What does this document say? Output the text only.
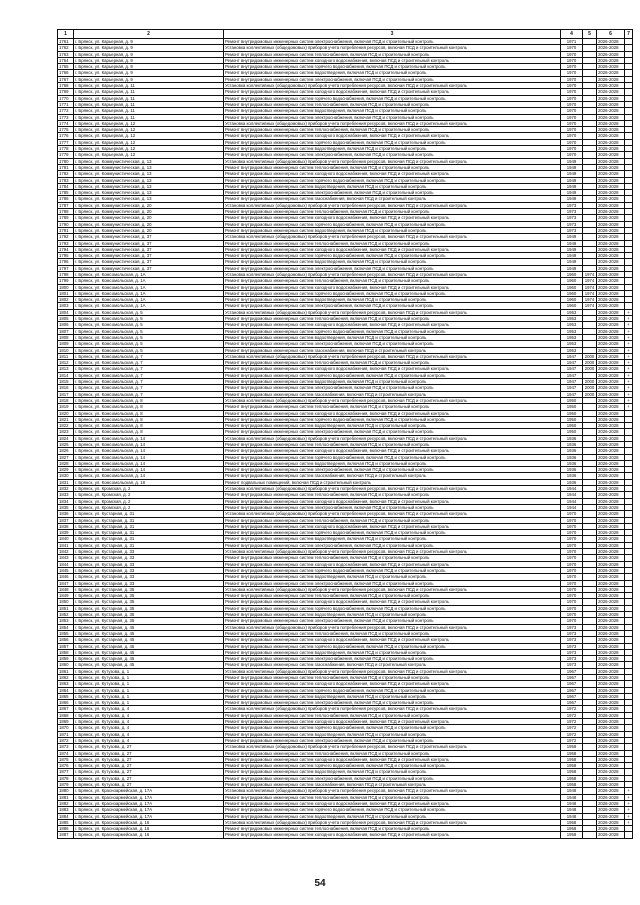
1	2	3	4	5	6	7
1761	г. Брянск, ул. Карьерная, д. 9	Ремонт внутридомовых инженерных систем электроснабжения, включая ПСД и строительный контроль	1971		2026-2028	
1762	г. Брянск, ул. Карьерная, д. 9	Установка коллективных (общедомовых) приборов учета потребления ресурсов, включая ПСД и строительный контроль	1970		2026-2028	
1763	г. Брянск, ул. Карьерная, д. 9	Ремонт внутридомовых инженерных систем теплоснабжения, включая ПСД и строительный контроль	1970		2026-2028	
1764	г. Брянск, ул. Карьерная, д. 9	Ремонт внутридомовых инженерных систем холодного водоснабжения, включая ПСД и строительный контроль	1970		2026-2028	
1765	г. Брянск, ул. Карьерная, д. 9	Ремонт внутридомовых инженерных систем горячего водоснабжения, включая ПСД и строительный контроль	1970		2026-2028	
1766	г. Брянск, ул. Карьерная, д. 9	Ремонт внутридомовых инженерных систем водоотведения, включая ПСД и строительный контроль	1970		2026-2028	
1767	г. Брянск, ул. Карьерная, д. 9	Ремонт внутридомовых инженерных систем электроснабжения, включая ПСД и строительный контроль	1970		2026-2028	
1768	г. Брянск, ул. Карьерная, д. 11	Установка коллективных (общедомовых) приборов учета потребления ресурсов, включая ПСД и строительный контроль	1970		2026-2028	
1769	г. Брянск, ул. Карьерная, д. 11	Ремонт внутридомовых инженерных систем холодного водоснабжения, включая ПСД и строительный контроль	1970		2026-2028	
1770	г. Брянск, ул. Карьерная, д. 11	Ремонт внутридомовых инженерных систем горячего водоснабжения, включая ПСД и строительный контроль	1970		2026-2028	
1771	г. Брянск, ул. Карьерная, д. 11	Ремонт внутридомовых инженерных систем теплоснабжения, включая ПСД и строительный контроль	1970		2026-2028	
1772	г. Брянск, ул. Карьерная, д. 11	Ремонт внутридомовых инженерных систем водоотведения, включая ПСД и строительный контроль	1970		2026-2028	
1773	г. Брянск, ул. Карьерная, д. 11	Ремонт внутридомовых инженерных систем электроснабжения, включая ПСД и строительный контроль	1970		2026-2028	
1774	г. Брянск, ул. Карьерная, д. 12	Установка коллективных (общедомовых) приборов учета потребления ресурсов, включая ПСД и строительный контроль	1970		2026-2028	
1775	г. Брянск, ул. Карьерная, д. 12	Ремонт внутридомовых инженерных систем теплоснабжения, включая ПСД и строительный контроль	1970		2026-2028	
1776	г. Брянск, ул. Карьерная, д. 12	Ремонт внутридомовых инженерных систем холодного водоснабжения, включая ПСД и строительный контроль	1970		2026-2028	
1777	г. Брянск, ул. Карьерная, д. 12	Ремонт внутридомовых инженерных систем горячего водоснабжения, включая ПСД и строительный контроль	1970		2026-2028	
1778	г. Брянск, ул. Карьерная, д. 12	Ремонт внутридомовых инженерных систем водоотведения, включая ПСД и строительный контроль	1970		2026-2028	
1779	г. Брянск, ул. Карьерная, д. 12	Ремонт внутридомовых инженерных систем электроснабжения, включая ПСД и строительный контроль	1970		2026-2028	
1780	г. Брянск, ул. Коммунистическая, д. 13	Установка коллективных (общедомовых) приборов учета потребления ресурсов, включая ПСД и строительный контроль	1949		2026-2028	
1781	г. Брянск, ул. Коммунистическая, д. 13	Ремонт внутридомовых инженерных систем теплоснабжения, включая ПСД и строительный контроль	1949		2026-2028	
1782	г. Брянск, ул. Коммунистическая, д. 13	Ремонт внутридомовых инженерных систем холодного водоснабжения, включая ПСД и строительный контроль	1949		2026-2028	
1783	г. Брянск, ул. Коммунистическая, д. 13	Ремонт внутридомовых инженерных систем горячего водоснабжения, включая ПСД и строительный контроль	1949		2026-2028	
1784	г. Брянск, ул. Коммунистическая, д. 13	Ремонт внутридомовых инженерных систем водоотведения, включая ПСД и строительный контроль	1949		2026-2028	
1785	г. Брянск, ул. Коммунистическая, д. 13	Ремонт внутридомовых инженерных систем электроснабжения, включая ПСД и строительный контроль	1949		2026-2028	
1786	г. Брянск, ул. Коммунистическая, д. 13	Ремонт внутридомовых инженерных систем газоснабжения, включая ПСД и строительный контроль	1949		2026-2028	
1787	г. Брянск, ул. Коммунистическая, д. 20	Установка коллективных (общедомовых) приборов учета потребления ресурсов, включая ПСД и строительный контроль	1973		2026-2028	
1788	г. Брянск, ул. Коммунистическая, д. 20	Ремонт внутридомовых инженерных систем теплоснабжения, включая ПСД и строительный контроль	1973		2026-2028	
1789	г. Брянск, ул. Коммунистическая, д. 20	Ремонт внутридомовых инженерных систем холодного водоснабжения, включая ПСД и строительный контроль	1973		2026-2028	
1790	г. Брянск, ул. Коммунистическая, д. 20	Ремонт внутридомовых инженерных систем горячего водоснабжения, включая ПСД и строительный контроль	1973		2026-2028	
1791	г. Брянск, ул. Коммунистическая, д. 20	Ремонт внутридомовых инженерных систем водоотведения, включая ПСД и строительный контроль	1973		2026-2028	
1792	г. Брянск, ул. Коммунистическая, д. 37	Установка коллективных (общедомовых) приборов учета потребления ресурсов, включая ПСД и строительный контроль	1949		2026-2028	
1793	г. Брянск, ул. Коммунистическая, д. 37	Ремонт внутридомовых инженерных систем теплоснабжения, включая ПСД и строительный контроль	1949		2026-2028	
1794	г. Брянск, ул. Коммунистическая, д. 37	Ремонт внутридомовых инженерных систем холодного водоснабжения, включая ПСД и строительный контроль	1949		2026-2028	
1795	г. Брянск, ул. Коммунистическая, д. 37	Ремонт внутридомовых инженерных систем горячего водоснабжения, включая ПСД и строительный контроль	1949		2026-2028	
1796	г. Брянск, ул. Коммунистическая, д. 37	Ремонт внутридомовых инженерных систем водоотведения, включая ПСД и строительный контроль	1949		2026-2028	
1797	г. Брянск, ул. Коммунистическая, д. 37	Ремонт внутридомовых инженерных систем электроснабжения, включая ПСД и строительный контроль	1949		2026-2028	
1798	г. Брянск, ул. Комсомольская, д. 1А	Установка коллективных (общедомовых) приборов учета потребления ресурсов, включая ПСД и строительный контроль	1960	1974	2026-2028	
1799	г. Брянск, ул. Комсомольская, д. 1А	Ремонт внутридомовых инженерных систем теплоснабжения, включая ПСД и строительный контроль	1960	1974	2026-2028	
1800	г. Брянск, ул. Комсомольская, д. 1А	Ремонт внутридомовых инженерных систем холодного водоснабжения, включая ПСД и строительный контроль	1960	1974	2026-2028	
1801	г. Брянск, ул. Комсомольская, д. 1А	Ремонт внутридомовых инженерных систем горячего водоснабжения, включая ПСД и строительный контроль	1960	1974	2026-2028	
1802	г. Брянск, ул. Комсомольская, д. 1А	Ремонт внутридомовых инженерных систем водоотведения, включая ПСД и строительный контроль	1960	1974	2026-2028	
1803	г. Брянск, ул. Комсомольская, д. 1А	Ремонт внутридомовых инженерных систем электроснабжения, включая ПСД и строительный контроль	1960	1974	2026-2028	
1804	г. Брянск, ул. Комсомольская, д. 5	Установка коллективных (общедомовых) приборов учета потребления ресурсов, включая ПСД и строительный контроль	1953		2026-2028	+
1805	г. Брянск, ул. Комсомольская, д. 5	Ремонт внутридомовых инженерных систем теплоснабжения, включая ПСД и строительный контроль	1953		2026-2028	+
1806	г. Брянск, ул. Комсомольская, д. 5	Ремонт внутридомовых инженерных систем холодного водоснабжения, включая ПСД и строительный контроль	1953		2026-2028	+
1807	г. Брянск, ул. Комсомольская, д. 5	Ремонт внутридомовых инженерных систем горячего водоснабжения, включая ПСД и строительный контроль	1953		2026-2028	+
1808	г. Брянск, ул. Комсомольская, д. 5	Ремонт внутридомовых инженерных систем водоотведения, включая ПСД и строительный контроль	1953		2026-2028	+
1809	г. Брянск, ул. Комсомольская, д. 5	Ремонт внутридомовых инженерных систем электроснабжения, включая ПСД и строительный контроль	1953		2026-2028	+
1810	г. Брянск, ул. Комсомольская, д. 5	Ремонт внутридомовых инженерных систем газоснабжения, включая ПСД и строительный контроль	1953		2026-2028	+
1811	г. Брянск, ул. Комсомольская, д. 7	Установка коллективных (общедомовых) приборов учета потребления ресурсов, включая ПСД и строительный контроль	1947	2000	2026-2028	+
1812	г. Брянск, ул. Комсомольская, д. 7	Ремонт внутридомовых инженерных систем теплоснабжения, включая ПСД и строительный контроль	1947	2000	2026-2028	+
1813	г. Брянск, ул. Комсомольская, д. 7	Ремонт внутридомовых инженерных систем холодного водоснабжения, включая ПСД и строительный контроль	1947	2000	2026-2028	+
1814	г. Брянск, ул. Комсомольская, д. 7	Ремонт внутридомовых инженерных систем горячего водоснабжения, включая ПСД и строительный контроль	1947		2026-2028	+
1815	г. Брянск, ул. Комсомольская, д. 7	Ремонт внутридомовых инженерных систем водоотведения, включая ПСД и строительный контроль	1947	2000	2026-2028	+
1816	г. Брянск, ул. Комсомольская, д. 7	Ремонт внутридомовых инженерных систем электроснабжения, включая ПСД и строительный контроль	1947	2000	2026-2028	+
1817	г. Брянск, ул. Комсомольская, д. 7	Ремонт внутридомовых инженерных систем газоснабжения, включая ПСД и строительный контроль	1947	2000	2026-2028	+
1818	г. Брянск, ул. Комсомольская, д. 8	Установка коллективных (общедомовых) приборов учета потребления ресурсов, включая ПСД и строительный контроль	1950		2026-2028	+
1819	г. Брянск, ул. Комсомольская, д. 8	Ремонт внутридомовых инженерных систем теплоснабжения, включая ПСД и строительный контроль	1950		2026-2028	+
1820	г. Брянск, ул. Комсомольская, д. 8	Ремонт внутридомовых инженерных систем холодного водоснабжения, включая ПСД и строительный контроль	1950		2026-2028	
1821	г. Брянск, ул. Комсомольская, д. 8	Ремонт внутридомовых инженерных систем горячего водоснабжения, включая ПСД и строительный контроль	1950		2026-2028	
1822	г. Брянск, ул. Комсомольская, д. 8	Ремонт внутридомовых инженерных систем водоотведения, включая ПСД и строительный контроль	1950		2026-2028	
1823	г. Брянск, ул. Комсомольская, д. 8	Ремонт внутридомовых инженерных систем электроснабжения, включая ПСД и строительный контроль	1950		2026-2028	
1824	г. Брянск, ул. Комсомольская, д. 14	Установка коллективных (общедомовых) приборов учета потребления ресурсов, включая ПСД и строительный контроль	1936		2026-2028	
1825	г. Брянск, ул. Комсомольская, д. 14	Ремонт внутридомовых инженерных систем теплоснабжения, включая ПСД и строительный контроль	1936		2026-2028	
1826	г. Брянск, ул. Комсомольская, д. 14	Ремонт внутридомовых инженерных систем холодного водоснабжения, включая ПСД и строительный контроль	1936		2026-2028	
1827	г. Брянск, ул. Комсомольская, д. 14	Ремонт внутридомовых инженерных систем горячего водоснабжения, включая ПСД и строительный контроль	1936		2026-2028	
1828	г. Брянск, ул. Комсомольская, д. 14	Ремонт внутридомовых инженерных систем водоотведения, включая ПСД и строительный контроль	1936		2026-2028	
1829	г. Брянск, ул. Комсомольская, д. 14	Ремонт внутридомовых инженерных систем электроснабжения, включая ПСД и строительный контроль	1936		2026-2028	
1830	г. Брянск, ул. Комсомольская, д. 14	Ремонт внутридомовых инженерных систем газоснабжения, включая ПСД и строительный контроль	1936		2026-2028	
1831	г. Брянск, ул. Комсомольская, д. 18	Ремонт подвальных помещений, включая ПСД и строительный контроль	1936		2026-2028	
1832	г. Брянск, ул. Кромская, д. 2	Установка коллективных (общедомовых) приборов учета потребления ресурсов, включая ПСД и строительный контроль	1944		2026-2028	
1833	г. Брянск, ул. Кромская, д. 2	Ремонт внутридомовых инженерных систем теплоснабжения, включая ПСД и строительный контроль	1944		2026-2028	
1834	г. Брянск, ул. Кромская, д. 2	Ремонт внутридомовых инженерных систем холодного водоснабжения, включая ПСД и строительный контроль	1944		2026-2028	
1835	г. Брянск, ул. Кромская, д. 2	Ремонт внутридомовых инженерных систем электроснабжения, включая ПСД и строительный контроль	1944		2026-2028	
1836	г. Брянск, ул. Кустарная, д. 31	Установка коллективных (общедомовых) приборов учета потребления ресурсов, включая ПСД и строительный контроль	1970		2026-2028	
1837	г. Брянск, ул. Кустарная, д. 31	Ремонт внутридомовых инженерных систем теплоснабжения, включая ПСД и строительный контроль	1970		2026-2028	
1838	г. Брянск, ул. Кустарная, д. 31	Ремонт внутридомовых инженерных систем холодного водоснабжения, включая ПСД и строительный контроль	1970		2026-2028	
1839	г. Брянск, ул. Кустарная, д. 31	Ремонт внутридомовых инженерных систем горячего водоснабжения, включая ПСД и строительный контроль	1970		2026-2028	
1840	г. Брянск, ул. Кустарная, д. 31	Ремонт внутридомовых инженерных систем водоотведения, включая ПСД и строительный контроль	1970		2026-2028	
1841	г. Брянск, ул. Кустарная, д. 31	Ремонт внутридомовых инженерных систем электроснабжения, включая ПСД и строительный контроль	1970		2026-2028	
1842	г. Брянск, ул. Кустарная, д. 33	Установка коллективных (общедомовых) приборов учета потребления ресурсов, включая ПСД и строительный контроль	1970		2026-2028	
1843	г. Брянск, ул. Кустарная, д. 33	Ремонт внутридомовых инженерных систем теплоснабжения, включая ПСД и строительный контроль	1970		2026-2028	
1844	г. Брянск, ул. Кустарная, д. 33	Ремонт внутридомовых инженерных систем холодного водоснабжения, включая ПСД и строительный контроль	1970		2026-2028	
1845	г. Брянск, ул. Кустарная, д. 33	Ремонт внутридомовых инженерных систем горячего водоснабжения, включая ПСД и строительный контроль	1970		2026-2028	
1846	г. Брянск, ул. Кустарная, д. 33	Ремонт внутридомовых инженерных систем водоотведения, включая ПСД и строительный контроль	1970		2026-2028	
1847	г. Брянск, ул. Кустарная, д. 33	Ремонт внутридомовых инженерных систем электроснабжения, включая ПСД и строительный контроль	1970		2026-2028	
1848	г. Брянск, ул. Кустарная, д. 35	Установка коллективных (общедомовых) приборов учета потребления ресурсов, включая ПСД и строительный контроль	1970		2026-2028	
1849	г. Брянск, ул. Кустарная, д. 35	Ремонт внутридомовых инженерных систем теплоснабжения, включая ПСД и строительный контроль	1970		2026-2028	
1850	г. Брянск, ул. Кустарная, д. 35	Ремонт внутридомовых инженерных систем холодного водоснабжения, включая ПСД и строительный контроль	1970		2026-2028	
1851	г. Брянск, ул. Кустарная, д. 35	Ремонт внутридомовых инженерных систем горячего водоснабжения, включая ПСД и строительный контроль	1970		2026-2028	
1852	г. Брянск, ул. Кустарная, д. 35	Ремонт внутридомовых инженерных систем водоотведения, включая ПСД и строительный контроль	1970		2026-2028	
1853	г. Брянск, ул. Кустарная, д. 35	Ремонт внутридомовых инженерных систем электроснабжения, включая ПСД и строительный контроль	1970		2026-2028	
1854	г. Брянск, ул. Кустарная, д. 45	Установка коллективных (общедомовых) приборов учета потребления ресурсов, включая ПСД и строительный контроль	1973		2026-2028	
1855	г. Брянск, ул. Кустарная, д. 45	Ремонт внутридомовых инженерных систем теплоснабжения, включая ПСД и строительный контроль	1973		2026-2028	
1856	г. Брянск, ул. Кустарная, д. 45	Ремонт внутридомовых инженерных систем холодного водоснабжения, включая ПСД и строительный контроль	1973		2026-2028	
1857	г. Брянск, ул. Кустарная, д. 45	Ремонт внутридомовых инженерных систем горячего водоснабжения, включая ПСД и строительный контроль	1973		2026-2028	
1858	г. Брянск, ул. Кустарная, д. 45	Ремонт внутридомовых инженерных систем водоотведения, включая ПСД и строительный контроль	1973		2026-2028	
1859	г. Брянск, ул. Кустарная, д. 45	Ремонт внутридомовых инженерных систем электроснабжения, включая ПСД и строительный контроль	1973		2026-2028	
1860	г. Брянск, ул. Кустарная, д. 45	Ремонт внутридомовых инженерных систем газоснабжения, включая ПСД и строительный контроль	1973		2026-2028	
1861	г. Брянск, ул. Кутузова, д. 1	Установка коллективных (общедомовых) приборов учета потребления ресурсов, включая ПСД и строительный контроль	1967		2026-2028	
1862	г. Брянск, ул. Кутузова, д. 1	Ремонт внутридомовых инженерных систем теплоснабжения, включая ПСД и строительный контроль	1967		2026-2028	
1863	г. Брянск, ул. Кутузова, д. 1	Ремонт внутридомовых инженерных систем холодного водоснабжения, включая ПСД и строительный контроль	1967		2026-2028	
1864	г. Брянск, ул. Кутузова, д. 1	Ремонт внутридомовых инженерных систем горячего водоснабжения, включая ПСД и строительный контроль	1967		2026-2028	
1865	г. Брянск, ул. Кутузова, д. 1	Ремонт внутридомовых инженерных систем водоотведения, включая ПСД и строительный контроль	1967		2026-2028	
1866	г. Брянск, ул. Кутузова, д. 1	Ремонт внутридомовых инженерных систем электроснабжения, включая ПСД и строительный контроль	1967		2026-2028	
1867	г. Брянск, ул. Кутузова, д. 4	Установка коллективных (общедомовых) приборов учета потребления ресурсов, включая ПСД и строительный контроль	1972		2026-2028	
1868	г. Брянск, ул. Кутузова, д. 4	Ремонт внутридомовых инженерных систем теплоснабжения, включая ПСД и строительный контроль	1972		2026-2028	
1869	г. Брянск, ул. Кутузова, д. 4	Ремонт внутридомовых инженерных систем холодного водоснабжения, включая ПСД и строительный контроль	1972		2026-2028	
1870	г. Брянск, ул. Кутузова, д. 4	Ремонт внутридомовых инженерных систем горячего водоснабжения, включая ПСД и строительный контроль	1972		2026-2028	
1871	г. Брянск, ул. Кутузова, д. 4	Ремонт внутридомовых инженерных систем водоотведения, включая ПСД и строительный контроль	1972		2026-2028	
1872	г. Брянск, ул. Кутузова, д. 4	Ремонт внутридомовых инженерных систем электроснабжения, включая ПСД и строительный контроль	1972		2026-2028	
1873	г. Брянск, ул. Кутузова, д. 27	Установка коллективных (общедомовых) приборов учета потребления ресурсов, включая ПСД и строительный контроль	1958		2026-2028	
1874	г. Брянск, ул. Кутузова, д. 27	Ремонт внутридомовых инженерных систем теплоснабжения, включая ПСД и строительный контроль	1958		2026-2028	
1875	г. Брянск, ул. Кутузова, д. 27	Ремонт внутридомовых инженерных систем холодного водоснабжения, включая ПСД и строительный контроль	1958		2026-2028	
1876	г. Брянск, ул. Кутузова, д. 27	Ремонт внутридомовых инженерных систем горячего водоснабжения, включая ПСД и строительный контроль	1958		2026-2028	
1877	г. Брянск, ул. Кутузова, д. 27	Ремонт внутридомовых инженерных систем водоотведения, включая ПСД и строительный контроль	1958		2026-2028	
1878	г. Брянск, ул. Кутузова, д. 27	Ремонт внутридомовых инженерных систем электроснабжения, включая ПСД и строительный контроль	1958		2026-2028	
1879	г. Брянск, ул. Кутузова, д. 27	Ремонт внутридомовых инженерных систем газоснабжения, включая ПСД и строительный контроль	1958		2026-2028	
1880	г. Брянск, ул. Красноармейская, д. 17А	Установка коллективных (общедомовых) приборов учета потребления ресурсов, включая ПСД и строительный контроль	1948		2026-2028	+
1881	г. Брянск, ул. Красноармейская, д. 17А	Ремонт внутридомовых инженерных систем теплоснабжения, включая ПСД и строительный контроль	1948		2026-2028	+
1882	г. Брянск, ул. Красноармейская, д. 17А	Ремонт внутридомовых инженерных систем холодного водоснабжения, включая ПСД и строительный контроль	1948		2026-2028	+
1883	г. Брянск, ул. Красноармейская, д. 17А	Ремонт внутридомовых инженерных систем горячего водоснабжения, включая ПСД и строительный контроль	1948		2026-2028	+
1884	г. Брянск, ул. Красноармейская, д. 17А	Ремонт внутридомовых инженерных систем водоотведения, включая ПСД и строительный контроль	1948		2026-2028	+
1885	г. Брянск, ул. Красноармейская, д. 16	Установка коллективных (общедомовых) приборов учета потребления ресурсов, включая ПСД и строительный контроль	1958		2026-2028	+
1886	г. Брянск, ул. Красноармейская, д. 16	Ремонт внутридомовых инженерных систем теплоснабжения, включая ПСД и строительный контроль	1958		2026-2028	
1887	г. Брянск, ул. Красноармейская, д. 16	Ремонт внутридомовых инженерных систем холодного водоснабжения, включая ПСД и строительный контроль	1958		2026-2028	
54
